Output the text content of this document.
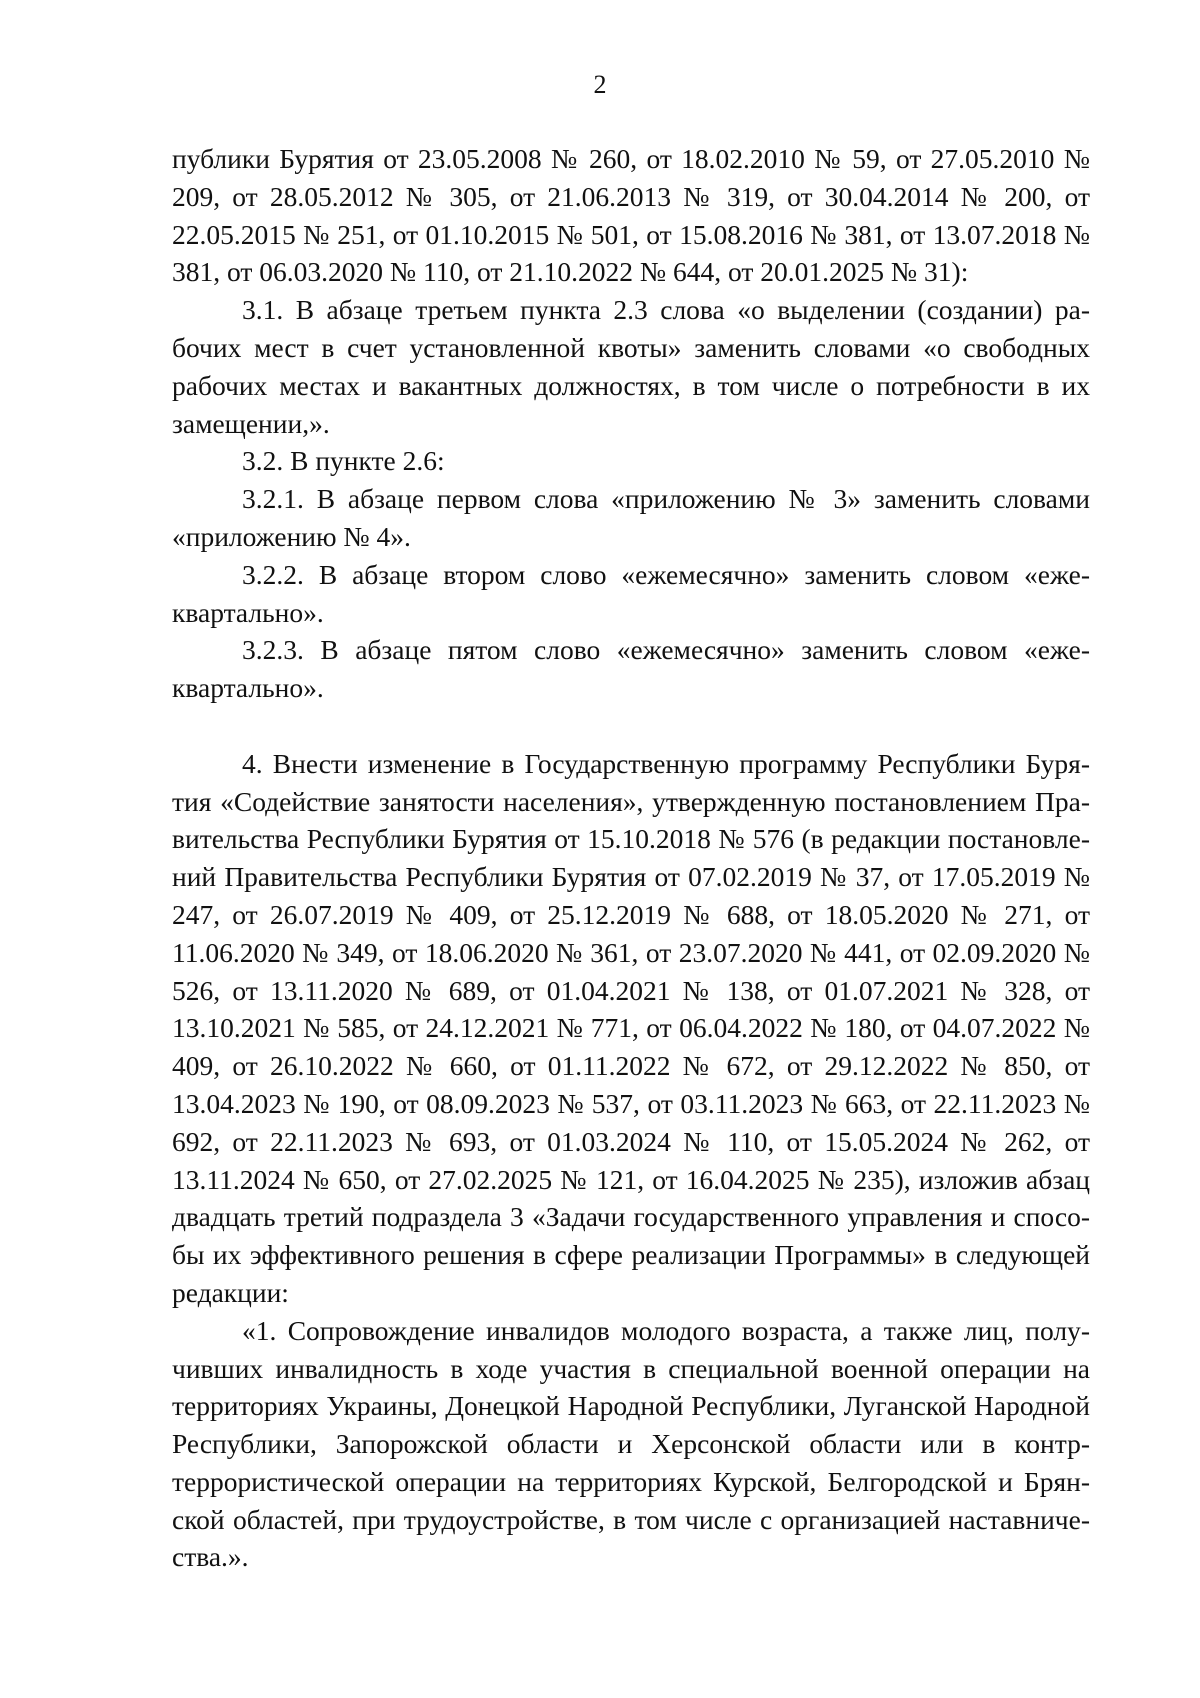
2

публики Бурятия от 23.05.2008 № 260, от 18.02.2010 № 59, от 27.05.2010 № 209, от 28.05.2012 № 305, от 21.06.2013 № 319, от 30.04.2014 № 200, от 22.05.2015 № 251, от 01.10.2015 № 501, от 15.08.2016 № 381, от 13.07.2018 № 381, от 06.03.2020 № 110, от 21.10.2022 № 644, от 20.01.2025 № 31):

3.1. В абзаце третьем пункта 2.3 слова «о выделении (создании) рабочих мест в счет установленной квоты» заменить словами «о свободных рабочих местах и вакантных должностях, в том числе о потребности в их замещении,».

3.2. В пункте 2.6:

3.2.1. В абзаце первом слова «приложению № 3» заменить словами «приложению № 4».

3.2.2. В абзаце втором слово «ежемесячно» заменить словом «ежеквартально».

3.2.3. В абзаце пятом слово «ежемесячно» заменить словом «ежеквартально».

4. Внести изменение в Государственную программу Республики Бурятия «Содействие занятости населения», утвержденную постановлением Правительства Республики Бурятия от 15.10.2018 № 576 (в редакции постановлений Правительства Республики Бурятия от 07.02.2019 № 37, от 17.05.2019 № 247, от 26.07.2019 № 409, от 25.12.2019 № 688, от 18.05.2020 № 271, от 11.06.2020 № 349, от 18.06.2020 № 361, от 23.07.2020 № 441, от 02.09.2020 № 526, от 13.11.2020 № 689, от 01.04.2021 № 138, от 01.07.2021 № 328, от 13.10.2021 № 585, от 24.12.2021 № 771, от 06.04.2022 № 180, от 04.07.2022 № 409, от 26.10.2022 № 660, от 01.11.2022 № 672, от 29.12.2022 № 850, от 13.04.2023 № 190, от 08.09.2023 № 537, от 03.11.2023 № 663, от 22.11.2023 № 692, от 22.11.2023 № 693, от 01.03.2024 № 110, от 15.05.2024 № 262, от 13.11.2024 № 650, от 27.02.2025 № 121, от 16.04.2025 № 235), изложив абзац двадцать третий подраздела 3 «Задачи государственного управления и способы их эффективного решения в сфере реализации Программы» в следующей редакции:

«1. Сопровождение инвалидов молодого возраста, а также лиц, получивших инвалидность в ходе участия в специальной военной операции на территориях Украины, Донецкой Народной Республики, Луганской Народной Республики, Запорожской области и Херсонской области или в контртеррористической операции на территориях Курской, Белгородской и Брянской областей, при трудоустройстве, в том числе с организацией наставничества.».
